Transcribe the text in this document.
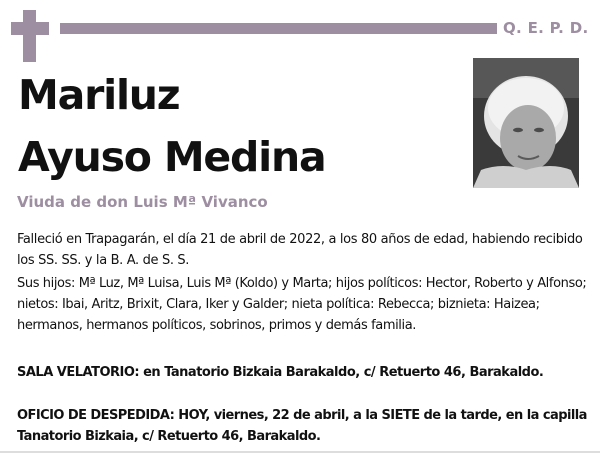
Q. E. P. D.
Mariluz
Ayuso Medina
Viuda de don Luis Mª Vivanco

Falleció en Trapagarán, el día 21 de abril de 2022, a los 80 años de edad, habiendo recibido los SS. SS. y la B. A. de S. S.

Sus hijos: Mª Luz, Mª Luisa, Luis Mª (Koldo) y Marta; hijos políticos: Hector, Roberto y Alfonso; nietos: Ibai, Aritz, Brixit, Clara, Iker y Galder; nieta política: Rebecca; biznieta: Haizea; hermanos, hermanos políticos, sobrinos, primos y demás familia.

SALA VELATORIO: en Tanatorio Bizkaia Barakaldo, c/ Retuerto 46, Barakaldo.

OFICIO DE DESPEDIDA: HOY, viernes, 22 de abril, a la SIETE de la tarde, en la capilla Tanatorio Bizkaia, c/ Retuerto 46, Barakaldo.
